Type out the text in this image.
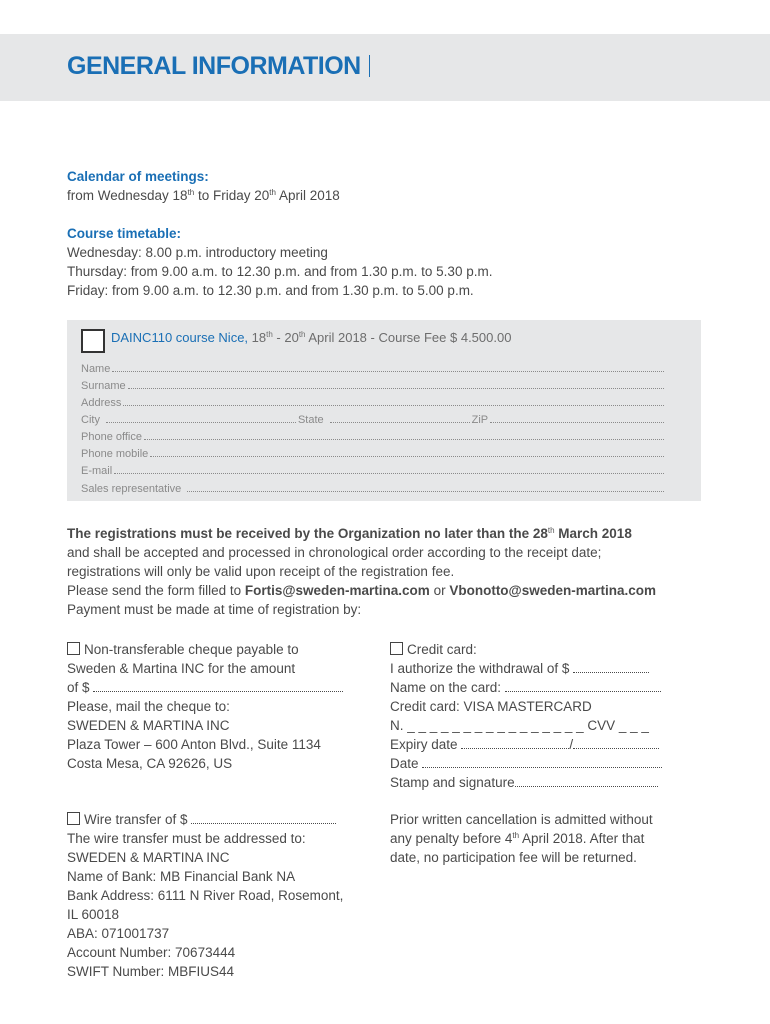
GENERAL INFORMATION

Calendar of meetings:

from Wednesday 18th to Friday 20th April 2018

Course timetable:

Wednesday: 8.00 p.m. introductory meeting

Thursday: from 9.00 a.m. to 12.30 p.m. and from 1.30 p.m. to 5.30 p.m.

Friday: from 9.00 a.m. to 12.30 p.m. and from 1.30 p.m. to 5.00 p.m.

DAINC110 course Nice, 18th - 20th April 2018 - Course Fee $ 4.500.00
Name
Surname
Address
City	State	ZiP
Phone office
Phone mobile
E-mail
Sales representative

The registrations must be received by the Organization no later than the 28th March 2018

and shall be accepted and processed in chronological order according to the receipt date;

registrations will only be valid upon receipt of the registration fee.

Please send the form filled to Fortis@sweden-martina.com or Vbonotto@sweden-martina.com

Payment must be made at time of registration by:

Non-transferable cheque payable to

Sweden & Martina INC for the amount

of $

Please, mail the cheque to:

SWEDEN & MARTINA INC

Plaza Tower – 600 Anton Blvd., Suite 1134

Costa Mesa, CA 92626, US

Credit card:

I authorize the withdrawal of $

Name on the card:

Credit card: VISA MASTERCARD

N. _ _ _ _ _ _ _ _ _ _ _ _ _ _ _ _ CVV _ _ _

Expiry date	/

Date

Stamp and signature

Wire transfer of $

The wire transfer must be addressed to:

SWEDEN & MARTINA INC

Name of Bank: MB Financial Bank NA

Bank Address: 6111 N River Road, Rosemont,

IL 60018

ABA: 071001737

Account Number: 70673444

SWIFT Number: MBFIUS44

Prior written cancellation is admitted without

any penalty before 4th April 2018. After that

date, no participation fee will be returned.
